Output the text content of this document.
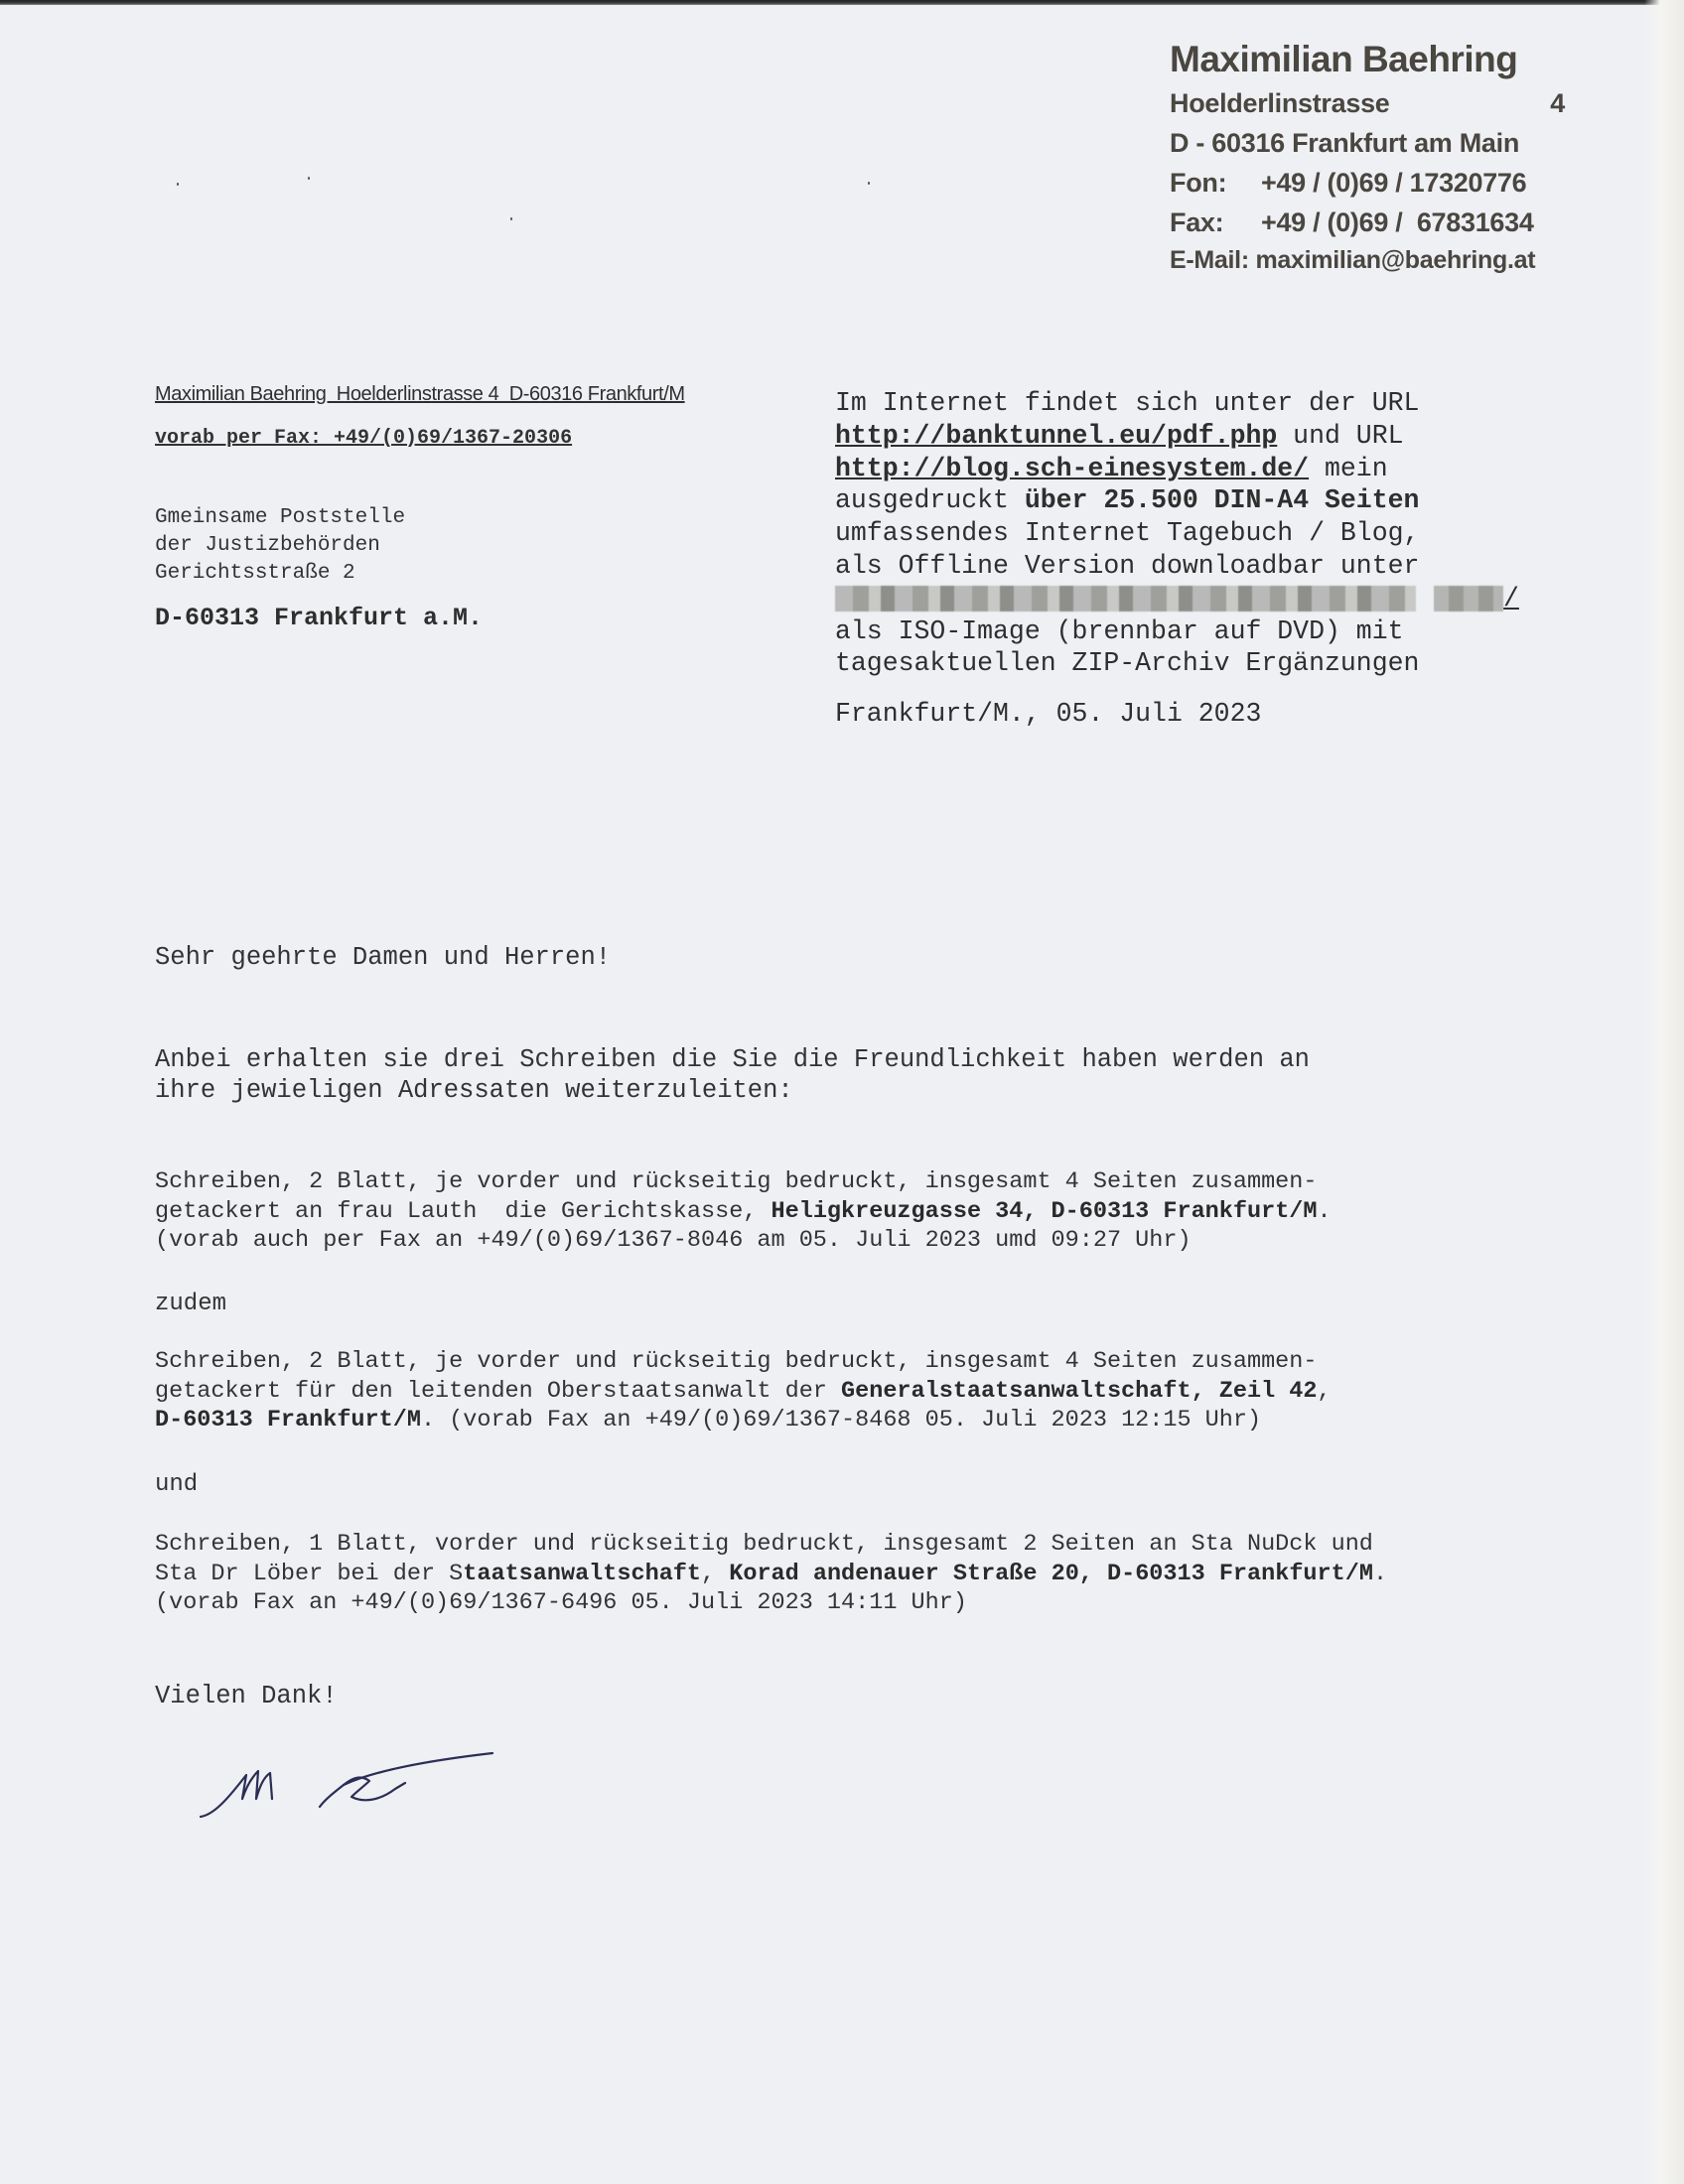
Maximilian Baehring
Hoelderlinstrasse	4
D - 60316 Frankfurt am Main
Fon:	+49 / (0)69 / 17320776
Fax:	+49 / (0)69 /  67831634
E-Mail: maximilian@baehring.at
Maximilian Baehring  Hoelderlinstrasse 4  D-60316 Frankfurt/M
vorab per Fax: +49/(0)69/1367-20306
Gmeinsame Poststelle
der Justizbehörden
Gerichtsstraße 2
D-60313 Frankfurt a.M.
Im Internet findet sich unter der URL
http://banktunnel.eu/pdf.php und URL
http://blog.sch-einesystem.de/ mein
ausgedruckt über 25.500 DIN-A4 Seiten
umfassendes Internet Tagebuch / Blog,
als Offline Version downloadbar unter
/
als ISO-Image (brennbar auf DVD) mit
tagesaktuellen ZIP-Archiv Ergänzungen
Frankfurt/M., 05. Juli 2023
Sehr geehrte Damen und Herren!
Anbei erhalten sie drei Schreiben die Sie die Freundlichkeit haben werden an
ihre jewieligen Adressaten weiterzuleiten:
Schreiben, 2 Blatt, je vorder und rückseitig bedruckt, insgesamt 4 Seiten zusammen-
getackert an frau Lauth  die Gerichtskasse, Heligkreuzgasse 34, D-60313 Frankfurt/M.
(vorab auch per Fax an +49/(0)69/1367-8046 am 05. Juli 2023 umd 09:27 Uhr)
zudem
Schreiben, 2 Blatt, je vorder und rückseitig bedruckt, insgesamt 4 Seiten zusammen-
getackert für den leitenden Oberstaatsanwalt der Generalstaatsanwaltschaft, Zeil 42,
D-60313 Frankfurt/M. (vorab Fax an +49/(0)69/1367-8468 05. Juli 2023 12:15 Uhr)
und
Schreiben, 1 Blatt, vorder und rückseitig bedruckt, insgesamt 2 Seiten an Sta NuDck und
Sta Dr Löber bei der Staatsanwaltschaft, Korad andenauer Straße 20, D-60313 Frankfurt/M.
(vorab Fax an +49/(0)69/1367-6496 05. Juli 2023 14:11 Uhr)
Vielen Dank!
